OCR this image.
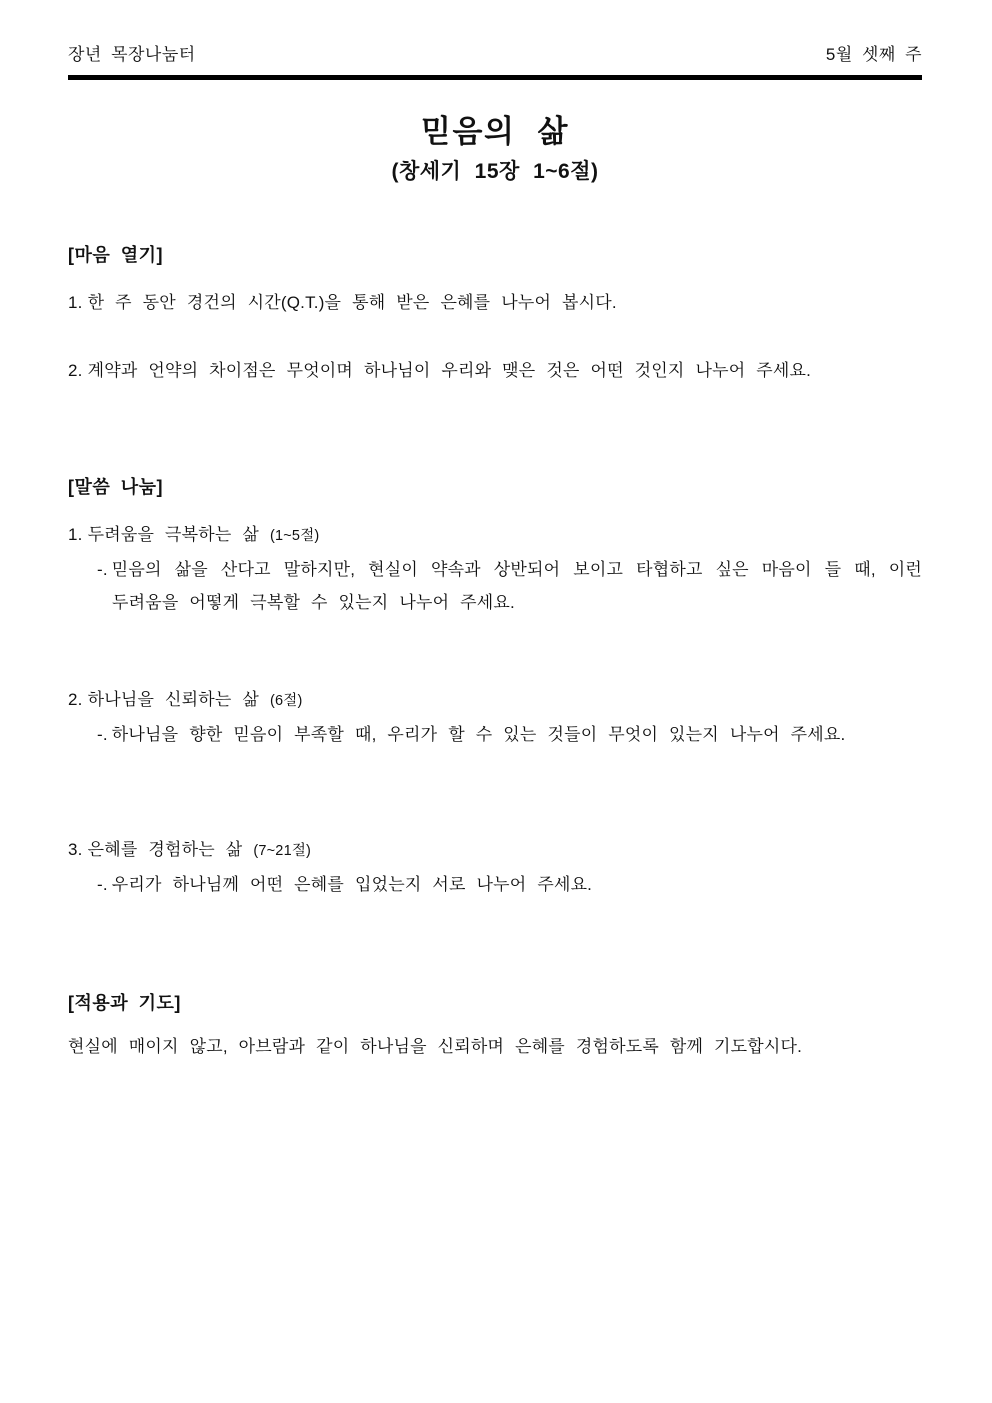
장년 목장나눔터	5월 셋째 주
믿음의 삶
(창세기 15장 1~6절)
[마음 열기]
1. 한 주 동안 경건의 시간(Q.T.)을 통해 받은 은혜를 나누어 봅시다.
2. 계약과 언약의 차이점은 무엇이며 하나님이 우리와 맺은 것은 어떤 것인지 나누어 주세요.
[말씀 나눔]
1. 두려움을 극복하는 삶 (1~5절)
-. 믿음의 삶을 산다고 말하지만, 현실이 약속과 상반되어 보이고 타협하고 싶은 마음이 들 때, 이런 두려움을 어떻게 극복할 수 있는지 나누어 주세요.
2. 하나님을 신뢰하는 삶 (6절)
-. 하나님을 향한 믿음이 부족할 때, 우리가 할 수 있는 것들이 무엇이 있는지 나누어 주세요.
3. 은혜를 경험하는 삶 (7~21절)
-. 우리가 하나님께 어떤 은혜를 입었는지 서로 나누어 주세요.
[적용과 기도]
현실에 매이지 않고, 아브람과 같이 하나님을 신뢰하며 은혜를 경험하도록 함께 기도합시다.
